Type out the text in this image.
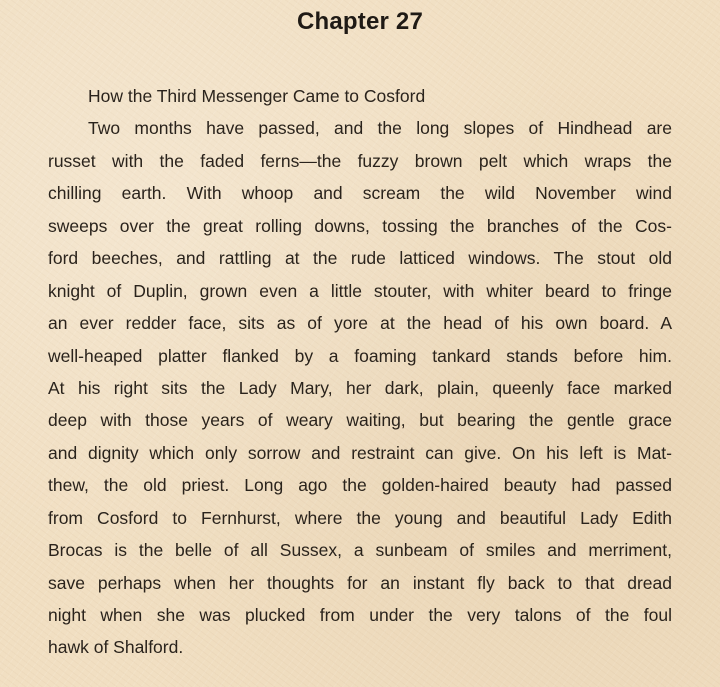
Chapter 27
How the Third Messenger Came to Cosford
Two months have passed, and the long slopes of Hindhead are
russet with the faded ferns—the fuzzy brown pelt which wraps the
chilling earth. With whoop and scream the wild November wind
sweeps over the great rolling downs, tossing the branches of the Cos-
ford beeches, and rattling at the rude latticed windows. The stout old
knight of Duplin, grown even a little stouter, with whiter beard to fringe
an ever redder face, sits as of yore at the head of his own board. A
well-heaped platter flanked by a foaming tankard stands before him.
At his right sits the Lady Mary, her dark, plain, queenly face marked
deep with those years of weary waiting, but bearing the gentle grace
and dignity which only sorrow and restraint can give. On his left is Mat-
thew, the old priest. Long ago the golden-haired beauty had passed
from Cosford to Fernhurst, where the young and beautiful Lady Edith
Brocas is the belle of all Sussex, a sunbeam of smiles and merriment,
save perhaps when her thoughts for an instant fly back to that dread
night when she was plucked from under the very talons of the foul
hawk of Shalford.
